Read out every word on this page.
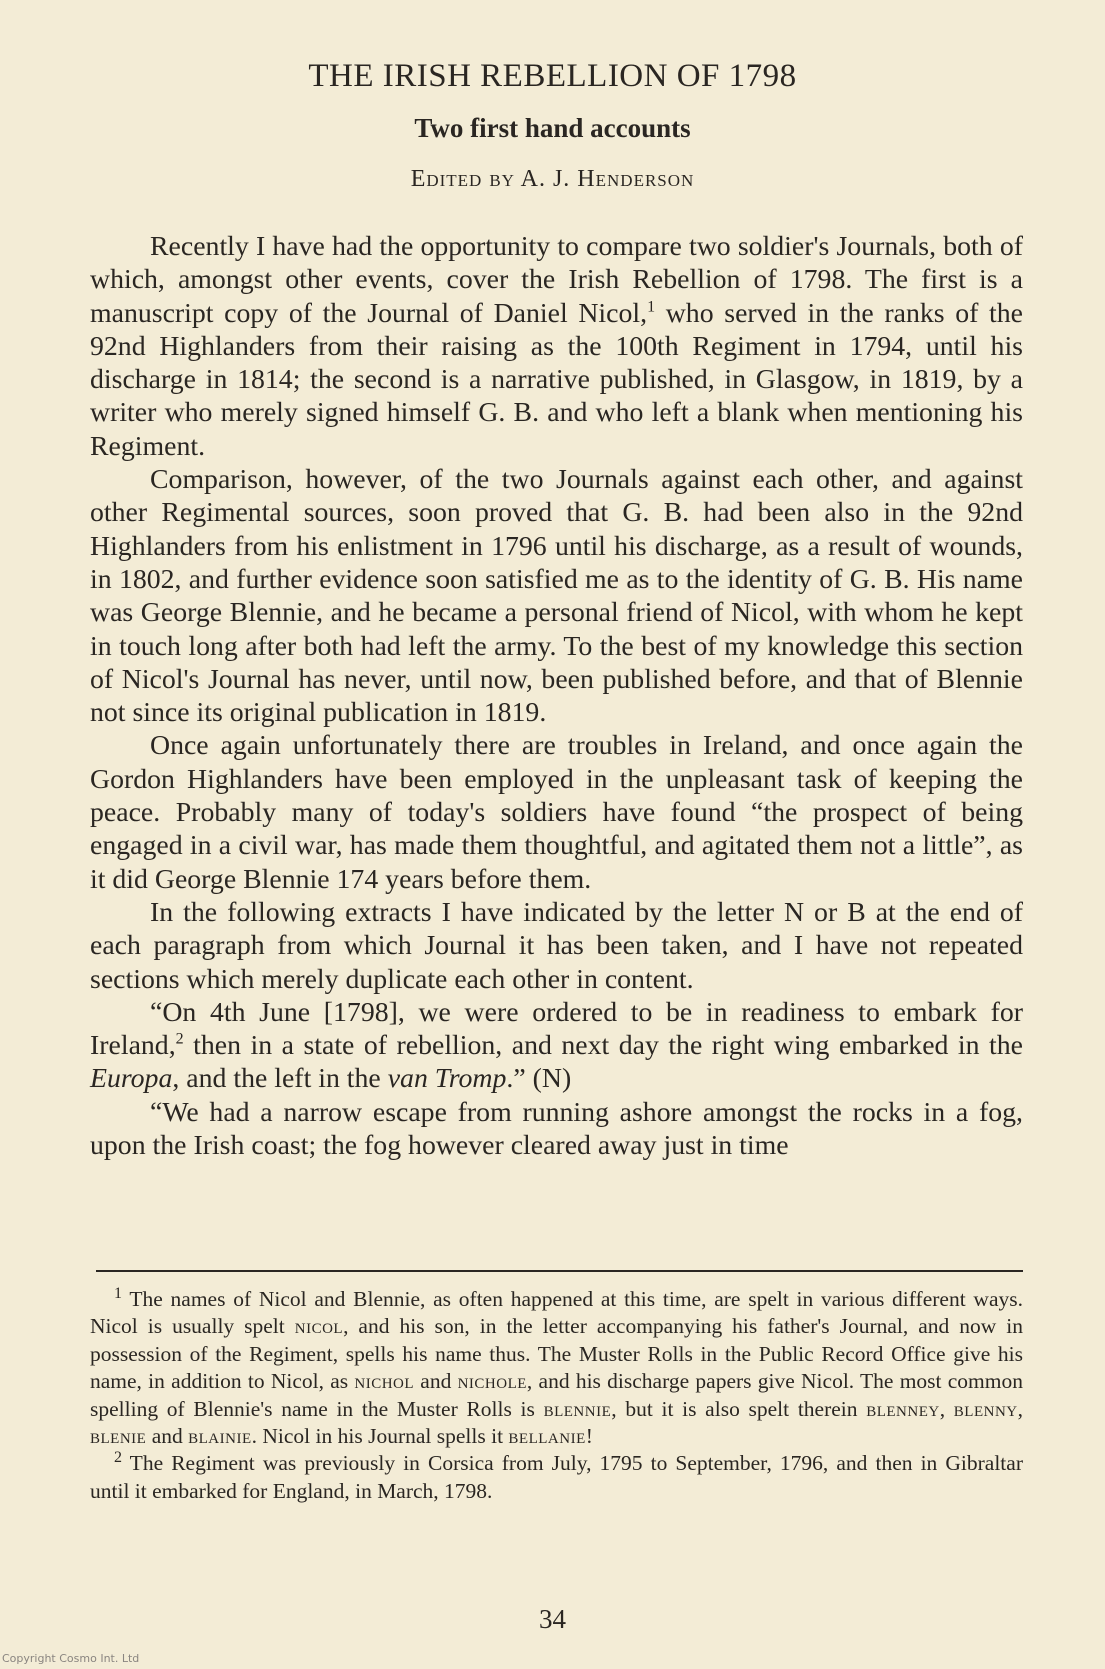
THE IRISH REBELLION OF 1798
Two first hand accounts
Edited by A. J. Henderson

Recently I have had the opportunity to compare two soldier's Journals, both of which, amongst other events, cover the Irish Rebellion of 1798. The first is a manuscript copy of the Journal of Daniel Nicol,$^1$ who served in the ranks of the 92nd Highlanders from their raising as the 100th Regiment in 1794, until his discharge in 1814; the second is a narrative published, in Glasgow, in 1819, by a writer who merely signed himself G. B. and who left a blank when mentioning his Regiment.

Comparison, however, of the two Journals against each other, and against other Regimental sources, soon proved that G. B. had been also in the 92nd Highlanders from his enlistment in 1796 until his discharge, as a result of wounds, in 1802, and further evidence soon satisfied me as to the identity of G. B. His name was George Blennie, and he became a personal friend of Nicol, with whom he kept in touch long after both had left the army. To the best of my knowledge this section of Nicol's Journal has never, until now, been published before, and that of Blennie not since its original publication in 1819.

Once again unfortunately there are troubles in Ireland, and once again the Gordon Highlanders have been employed in the unpleasant task of keeping the peace. Probably many of today's soldiers have found “the prospect of being engaged in a civil war, has made them thoughtful, and agitated them not a little”, as it did George Blennie 174 years before them.

In the following extracts I have indicated by the letter N or B at the end of each paragraph from which Journal it has been taken, and I have not repeated sections which merely duplicate each other in content.

“On 4th June [1798], we were ordered to be in readiness to embark for Ireland,$^2$ then in a state of rebellion, and next day the right wing embarked in the Europa, and the left in the van Tromp.” (N)

“We had a narrow escape from running ashore amongst the rocks in a fog, upon the Irish coast; the fog however cleared away just in time

$^1$ The names of Nicol and Blennie, as often happened at this time, are spelt in various different ways. Nicol is usually spelt nicol, and his son, in the letter accompanying his father's Journal, and now in possession of the Regiment, spells his name thus. The Muster Rolls in the Public Record Office give his name, in addition to Nicol, as nichol and nichole, and his discharge papers give Nicol. The most common spelling of Blennie's name in the Muster Rolls is blennie, but it is also spelt therein blenney, blenny, blenie and blainie. Nicol in his Journal spells it bellanie!

$^2$ The Regiment was previously in Corsica from July, 1795 to September, 1796, and then in Gibraltar until it embarked for England, in March, 1798.

34
Copyright Cosmo Int. Ltd
